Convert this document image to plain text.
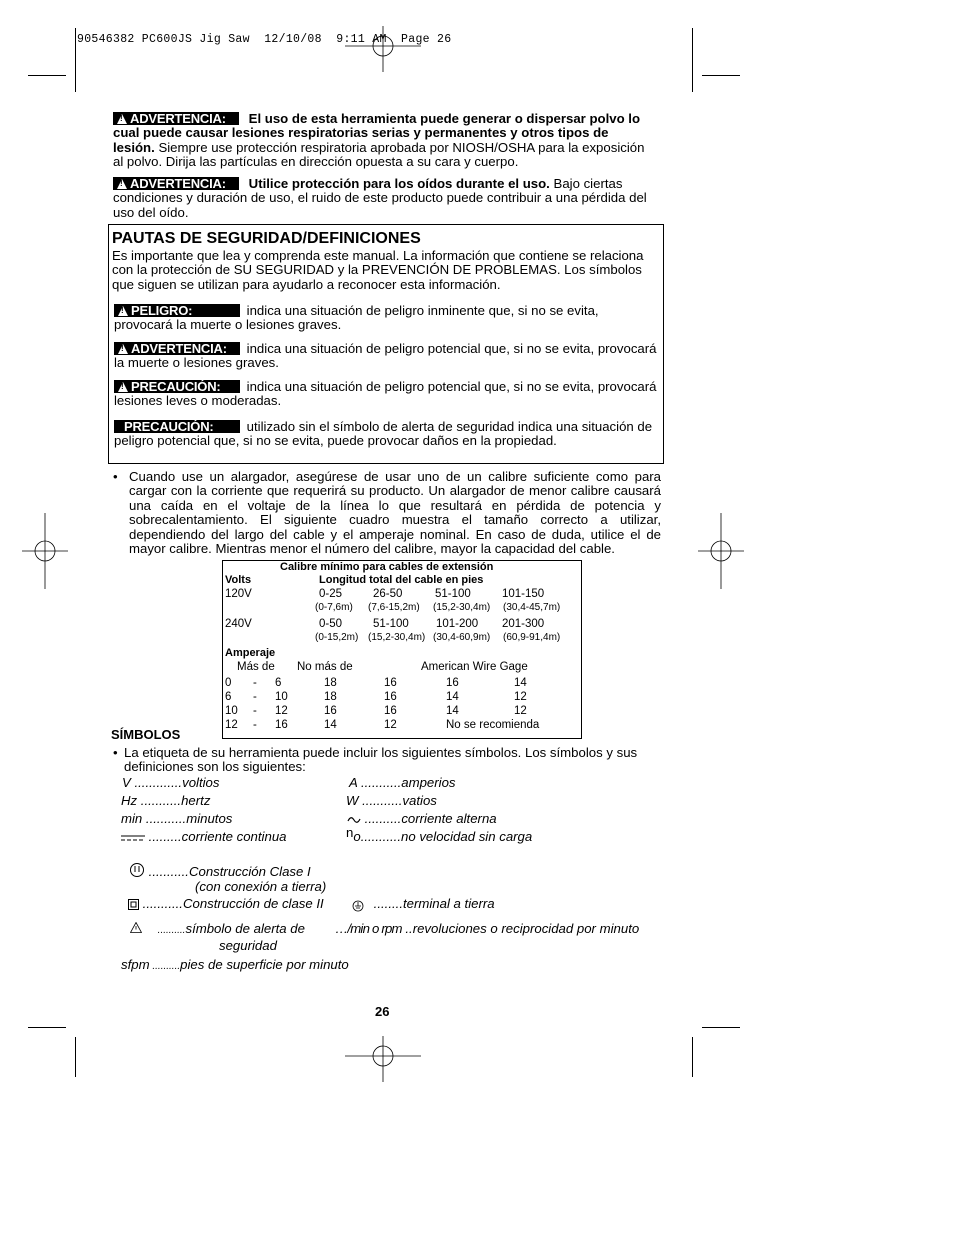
90546382 PC600JS Jig Saw  12/10/08  9:11 AM  Page 26
!ADVERTENCIA: El uso de esta herramienta puede generar o dispersar polvo lo cual puede causar lesiones respiratorias serias y permanentes y otros tipos de lesión. Siempre use protección respiratoria aprobada por NIOSH/OSHA para la exposición al polvo. Dirija las partículas en dirección opuesta a su cara y cuerpo.
!ADVERTENCIA: Utilice protección para los oídos durante el uso. Bajo ciertas condiciones y duración de uso, el ruido de este producto puede contribuir a una pérdida del uso del oído.
PAUTAS DE SEGURIDAD/DEFINICIONES
Es importante que lea y comprenda este manual. La información que contiene se relaciona con la protección de SU SEGURIDAD y la PREVENCIÓN DE PROBLEMAS. Los símbolos que siguen se utilizan para ayudarlo a reconocer esta información.
!PELIGRO:	indica una situación de peligro inminente que, si no se evita, provocará la muerte o lesiones graves.
!ADVERTENCIA: indica una situación de peligro potencial que, si no se evita, provocará la muerte o lesiones graves.
!PRECAUCIÓN: indica una situación de peligro potencial que, si no se evita, provocará lesiones leves o moderadas.
PRECAUCIÓN:	utilizado sin el símbolo de alerta de seguridad indica una situación de peligro potencial que, si no se evita, puede provocar daños en la propiedad.
• Cuando use un alargador, asegúrese de usar uno de un calibre suficiente como para cargar con la corriente que requerirá su producto. Un alargador de menor calibre causará una caída en el voltaje de la línea lo que resultará en pérdida de potencia y sobrecalentamiento. El siguiente cuadro muestra el tamaño correcto a utilizar, dependiendo del largo del cable y el amperaje nominal. En caso de duda, utilice el de mayor calibre. Mientras menor el número del calibre, mayor la capacidad del cable.
Calibre mínimo para cables de extensión
Volts	Longitud total del cable en pies
120V	0-25	26-50	51-100	101-150
(0-7,6m) (7,6-15,2m) (15,2-30,4m) (30,4-45,7m)
240V	0-50	51-100 101-200 201-300
(0-15,2m) (15,2-30,4m) (30,4-60,9m) (60,9-91,4m)
Amperaje
Más de No más de	American Wire Gage
0 - 6	18	16	16	14
6 - 10	18	16	14	12
10 - 12	16	16	14	12
12 - 16	14	12	No se recomienda
SÍMBOLOS
• La etiqueta de su herramienta puede incluir los siguientes símbolos. Los símbolos y sus definiciones son los siguientes:
V .............voltios	A ...........amperios
Hz ...........hertz	W ...........vatios
min ...........minutos	..........corriente alterna
.........corriente continua	no...........no velocidad sin carga
...........Construcción Clase I
(con conexión a tierra)
...........Construcción de clase II	........terminal a tierra
..........símbolo de alerta de
seguridad
…/min o rpm ..revoluciones o reciprocidad por minuto
sfpm ..........pies de superficie por minuto
26
